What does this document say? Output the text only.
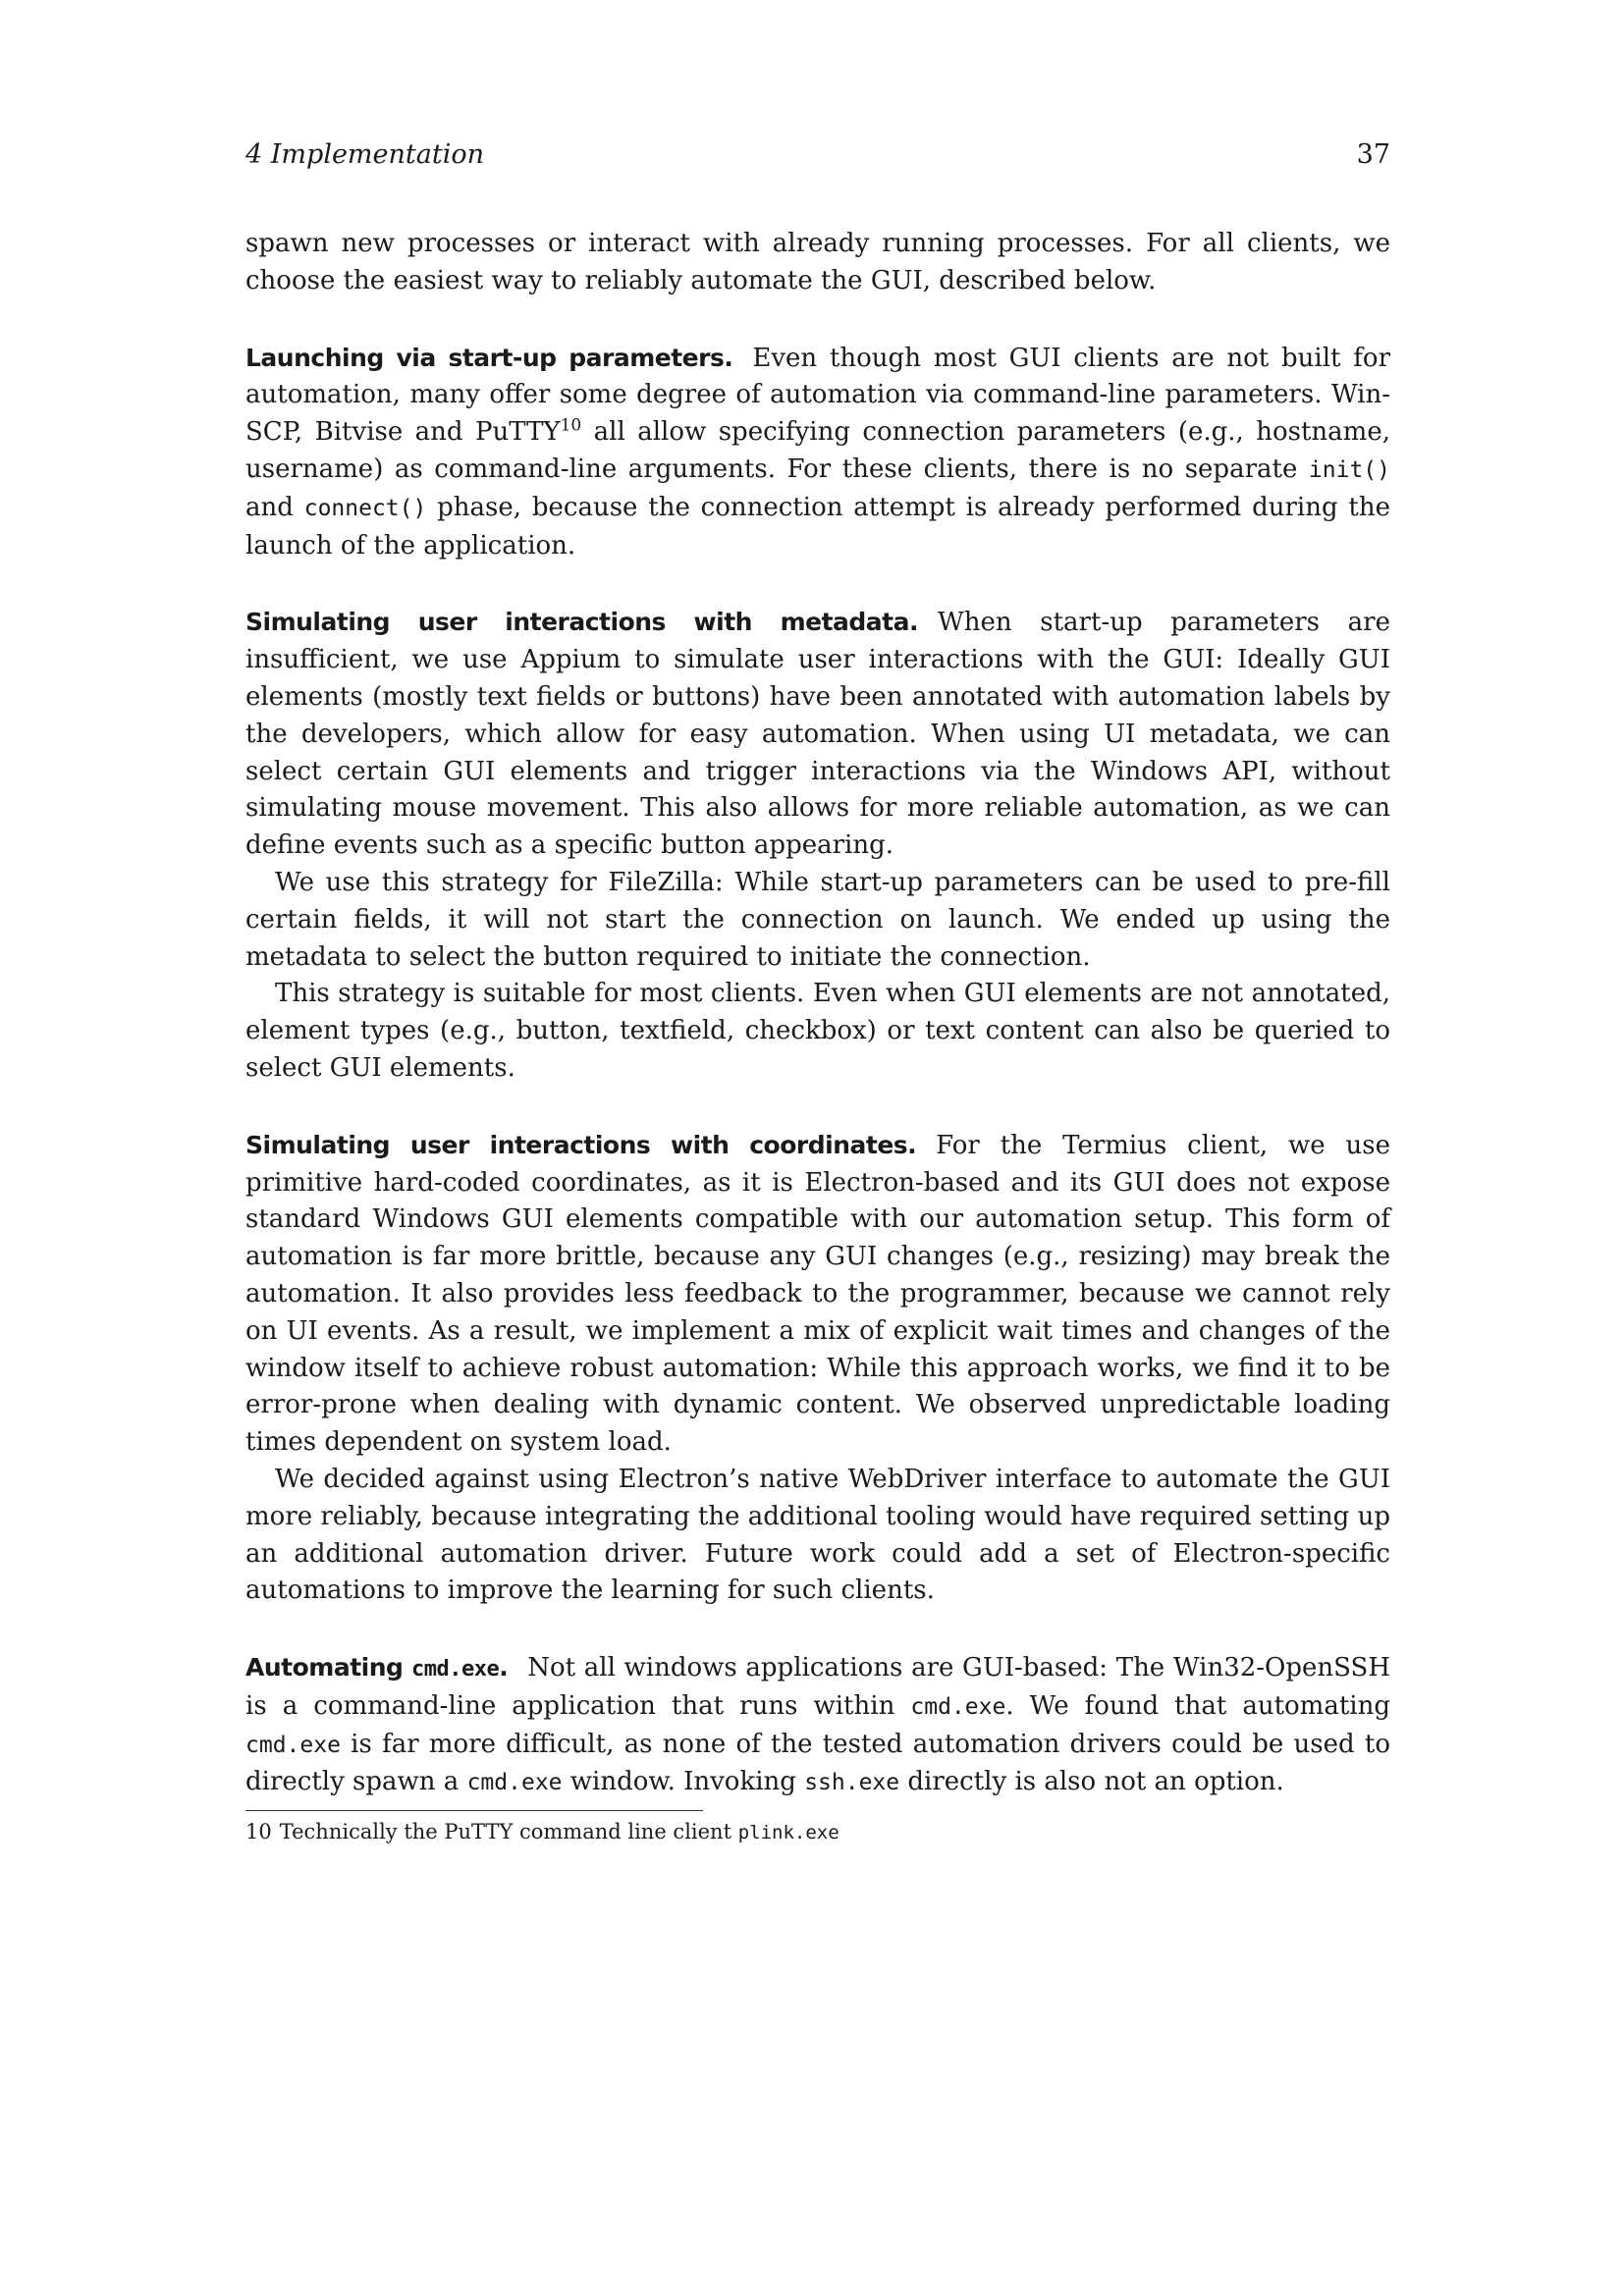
4 Implementation	37

spawn new processes or interact with already running processes. For all clients, we choose the easiest way to reliably automate the GUI, described below.

Launching via start-up parameters. Even though most GUI clients are not built for automation, many offer some degree of automation via command-line parameters. WinSCP, Bitvise and PuTTY$^{10}$ all allow specifying connection parameters (e.g., hostname, username) as command-line arguments. For these clients, there is no separate init() and connect() phase, because the connection attempt is already performed during the launch of the application.

Simulating user interactions with metadata. When start-up parameters are insufficient, we use Appium to simulate user interactions with the GUI: Ideally GUI elements (mostly text fields or buttons) have been annotated with automation labels by the developers, which allow for easy automation. When using UI metadata, we can select certain GUI elements and trigger interactions via the Windows API, without simulating mouse movement. This also allows for more reliable automation, as we can define events such as a specific button appearing.

We use this strategy for FileZilla: While start-up parameters can be used to pre-fill certain fields, it will not start the connection on launch. We ended up using the metadata to select the button required to initiate the connection.

This strategy is suitable for most clients. Even when GUI elements are not annotated, element types (e.g., button, textfield, checkbox) or text content can also be queried to select GUI elements.

Simulating user interactions with coordinates. For the Termius client, we use primitive hard-coded coordinates, as it is Electron-based and its GUI does not expose standard Windows GUI elements compatible with our automation setup. This form of automation is far more brittle, because any GUI changes (e.g., resizing) may break the automation. It also provides less feedback to the programmer, because we cannot rely on UI events. As a result, we implement a mix of explicit wait times and changes of the window itself to achieve robust automation: While this approach works, we find it to be error-prone when dealing with dynamic content. We observed unpredictable loading times dependent on system load.

We decided against using Electron’s native WebDriver interface to automate the GUI more reliably, because integrating the additional tooling would have required setting up an additional automation driver. Future work could add a set of Electron-specific automations to improve the learning for such clients.

Automating cmd.exe. Not all windows applications are GUI-based: The Win32-OpenSSH is a command-line application that runs within cmd.exe. We found that automating cmd.exe is far more difficult, as none of the tested automation drivers could be used to directly spawn a cmd.exe window. Invoking ssh.exe directly is also not an option.

10 Technically the PuTTY command line client plink.exe
